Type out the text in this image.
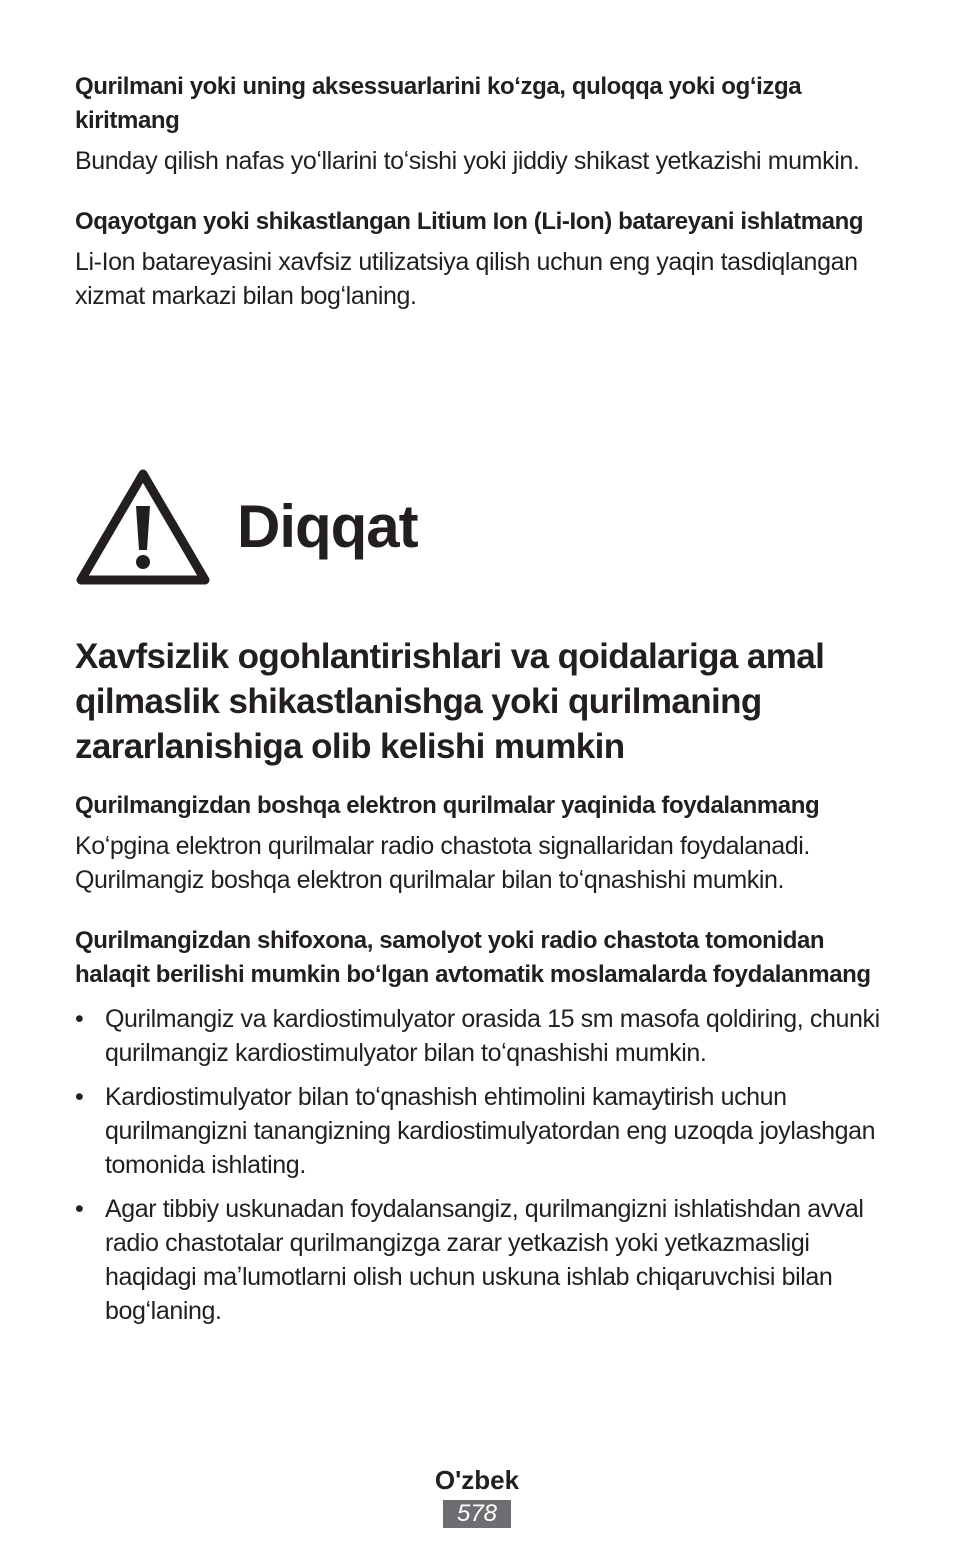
Qurilmani yoki uning aksessuarlarini koʻzga, quloqqa yoki ogʻizga kiritmang

Bunday qilish nafas yoʻllarini toʻsishi yoki jiddiy shikast yetkazishi mumkin.

Oqayotgan yoki shikastlangan Litium Ion (Li-Ion) batareyani ishlatmang

Li-Ion batareyasini xavfsiz utilizatsiya qilish uchun eng yaqin tasdiqlangan xizmat markazi bilan bogʻlaning.

Diqqat

Xavfsizlik ogohlantirishlari va qoidalariga amal qilmaslik shikastlanishga yoki qurilmaning zararlanishiga olib kelishi mumkin

Qurilmangizdan boshqa elektron qurilmalar yaqinida foydalanmang

Koʻpgina elektron qurilmalar radio chastota signallaridan foydalanadi. Qurilmangiz boshqa elektron qurilmalar bilan toʻqnashishi mumkin.

Qurilmangizdan shifoxona, samolyot yoki radio chastota tomonidan halaqit berilishi mumkin boʻlgan avtomatik moslamalarda foydalanmang

• Qurilmangiz va kardiostimulyator orasida 15 sm masofa qoldiring, chunki qurilmangiz kardiostimulyator bilan toʻqnashishi mumkin.
• Kardiostimulyator bilan toʻqnashish ehtimolini kamaytirish uchun qurilmangizni tanangizning kardiostimulyatordan eng uzoqda joylashgan tomonida ishlating.
• Agar tibbiy uskunadan foydalansangiz, qurilmangizni ishlatishdan avval radio chastotalar qurilmangizga zarar yetkazish yoki yetkazmasligi haqidagi maʼlumotlarni olish uchun uskuna ishlab chiqaruvchisi bilan bogʻlaning.

O'zbek

578
